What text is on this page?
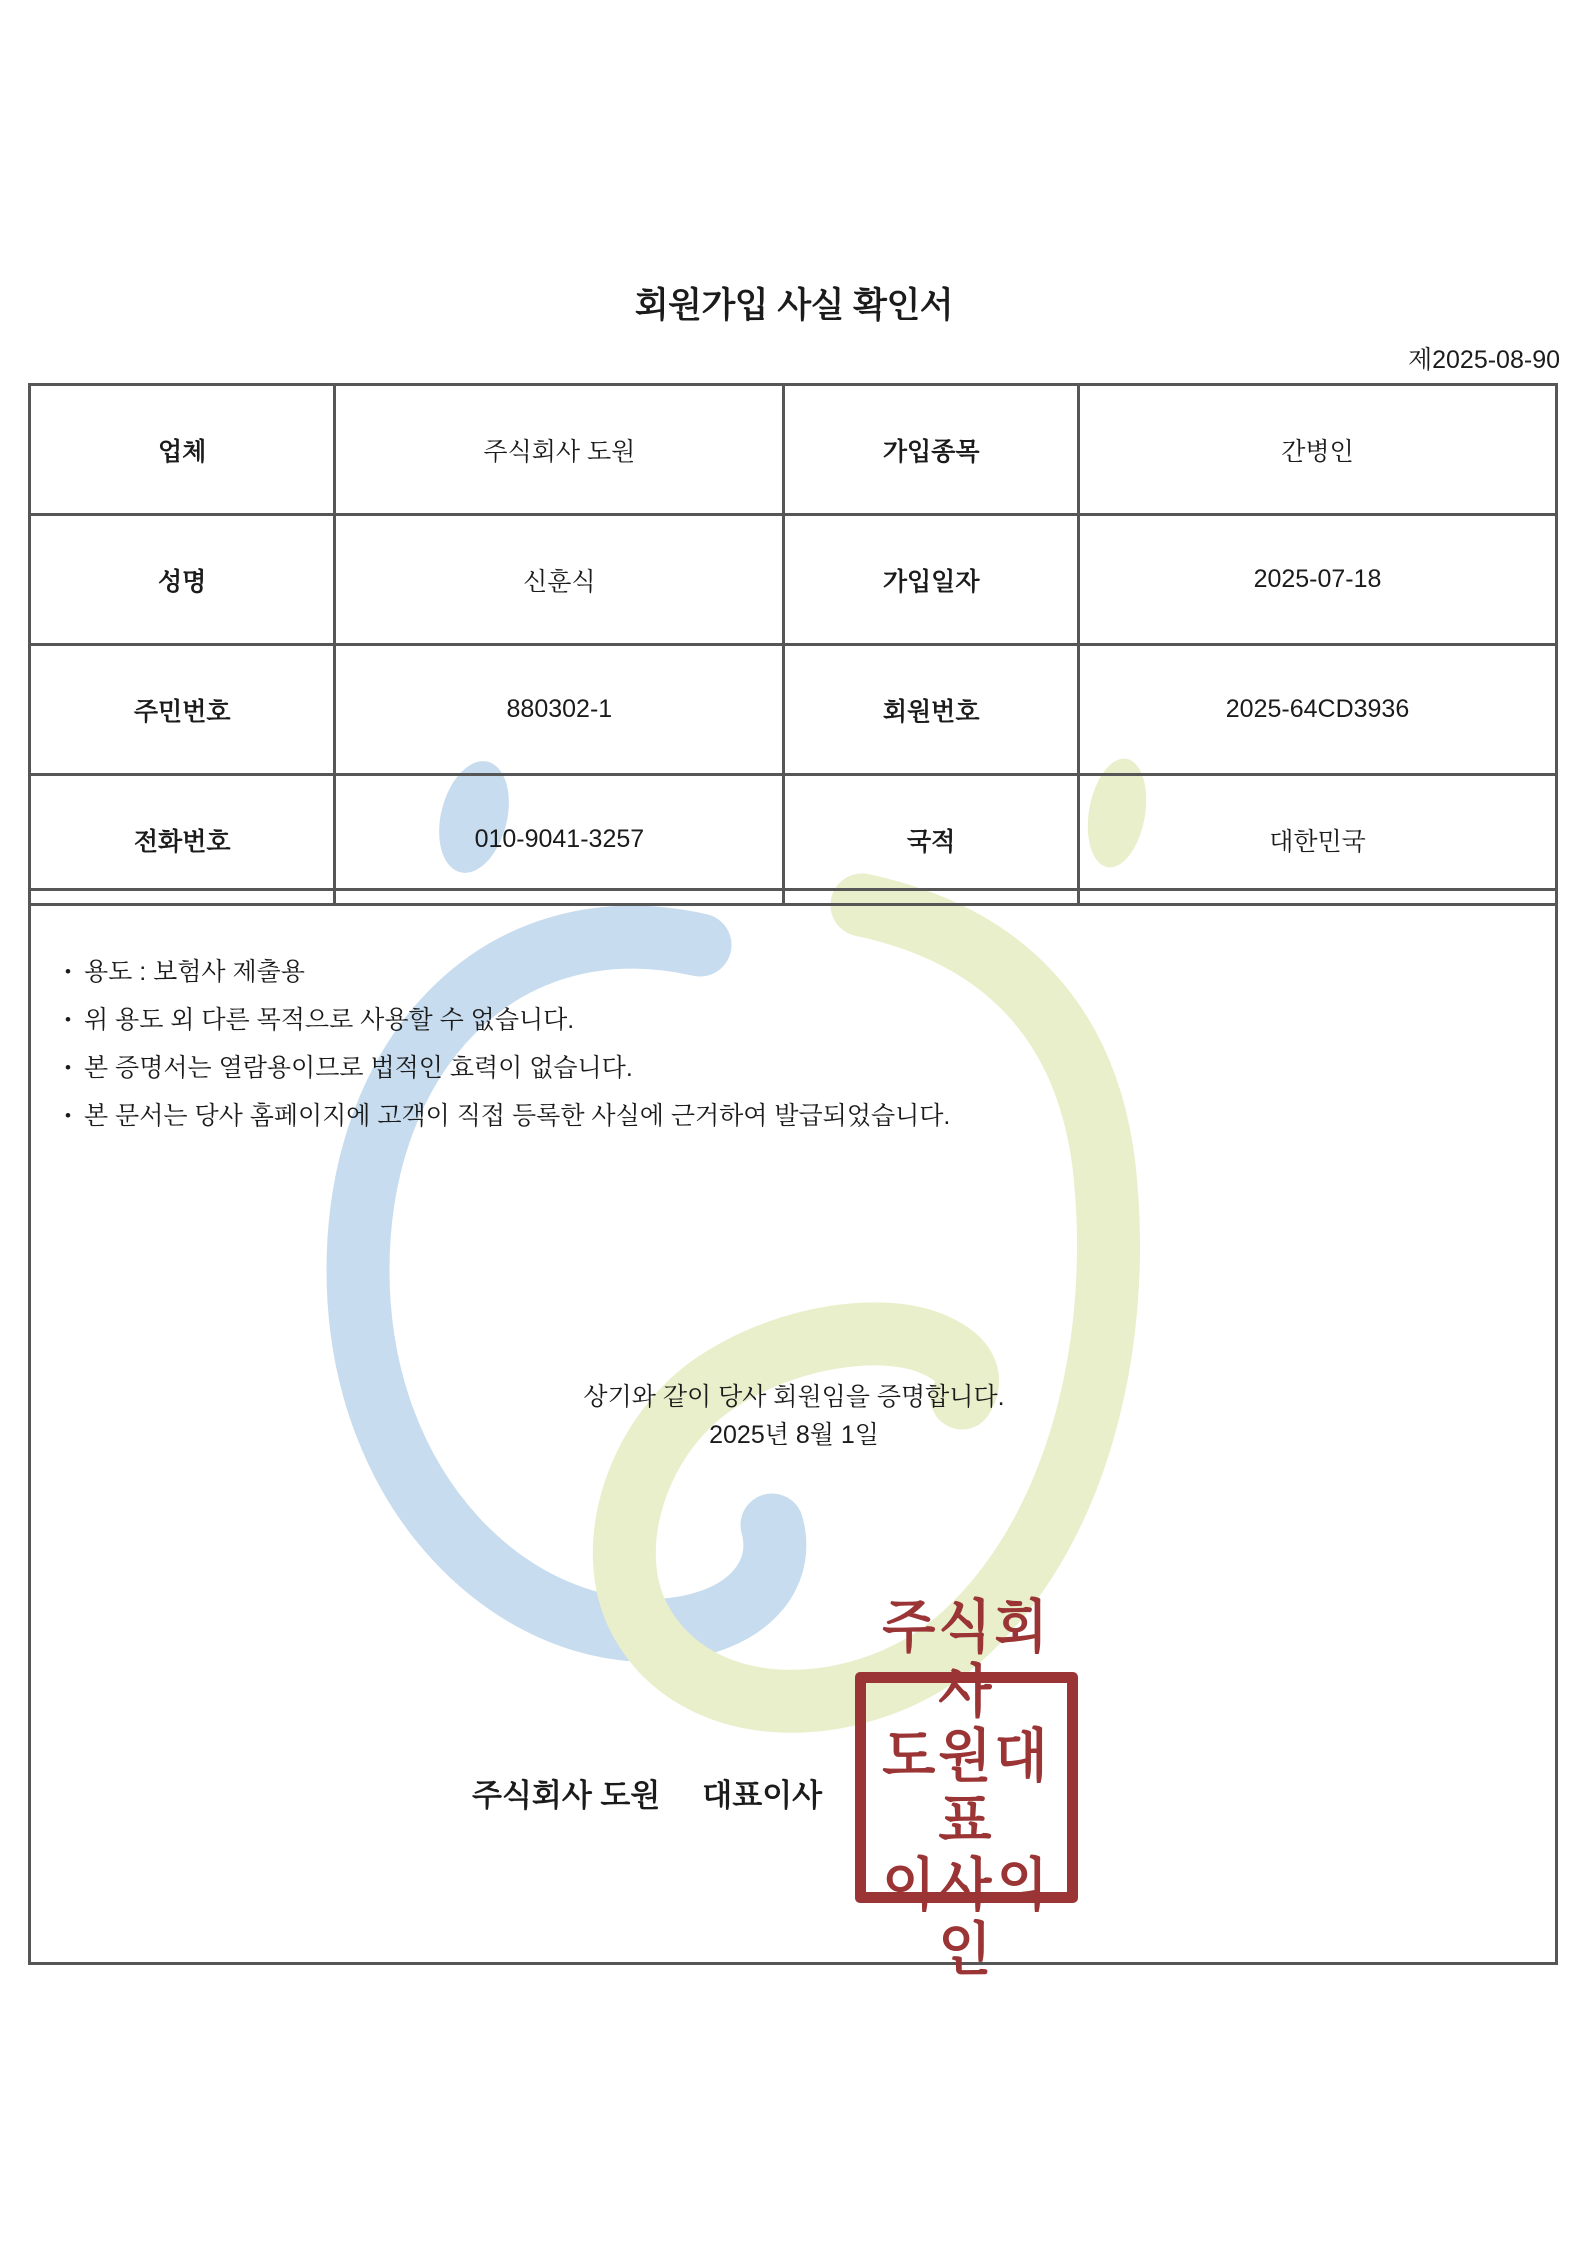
회원가입 사실 확인서
제2025-08-90
업체	주식회사 도원	가입종목	간병인
성명	신훈식	가입일자	2025-07-18
주민번호	880302-1	회원번호	2025-64CD3936
전화번호	010-9041-3257	국적	대한민국
• 용도 : 보험사 제출용
• 위 용도 외 다른 목적으로 사용할 수 없습니다.
• 본 증명서는 열람용이므로 법적인 효력이 없습니다.
• 본 문서는 당사 홈페이지에 고객이 직접 등록한 사실에 근거하여 발급되었습니다.
상기와 같이 당사 회원임을 증명합니다.
2025년 8월 1일
주식회사 도원 대표이사
주식회사
도원대표
이사의인
